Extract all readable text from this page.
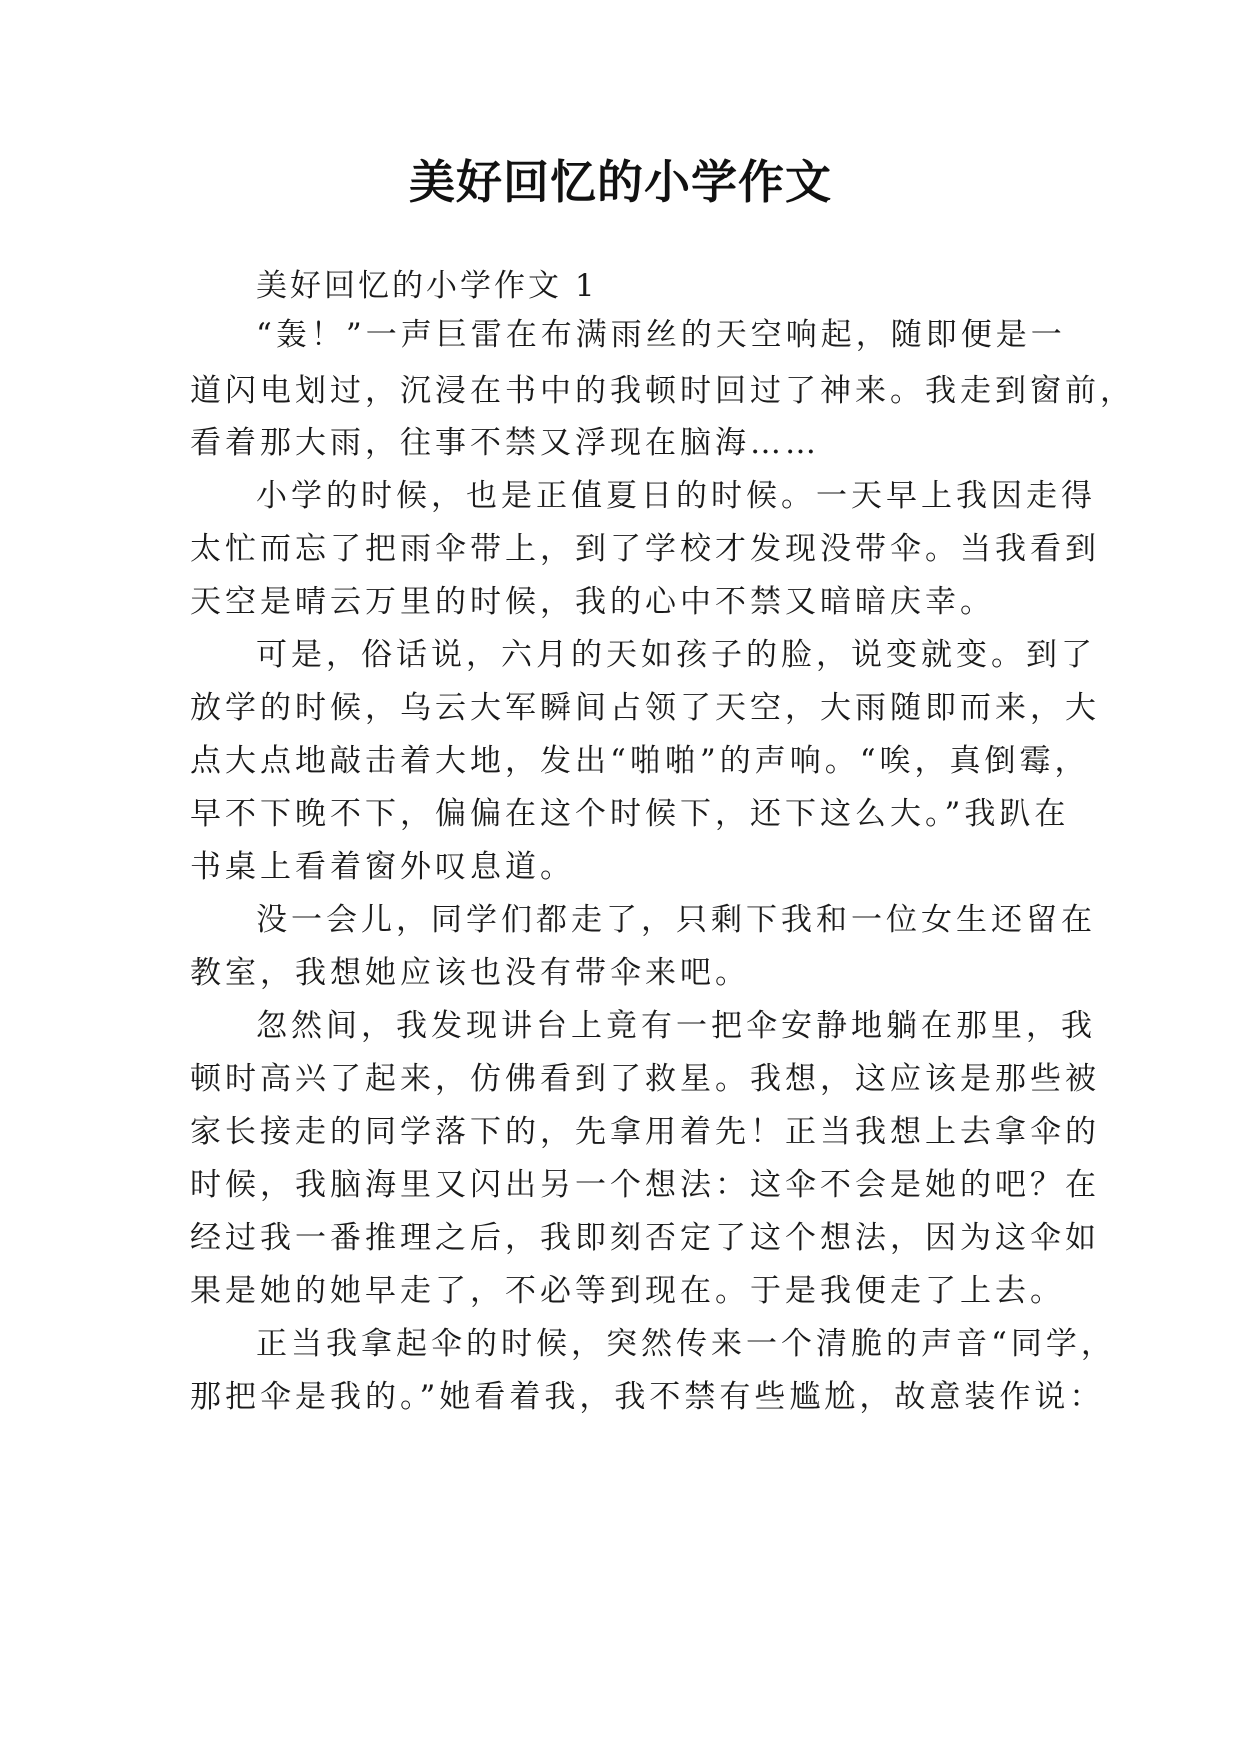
美好回忆的小学作文

美好回忆的小学作文 1

“轰！”一声巨雷在布满雨丝的天空响起，随即便是一

道闪电划过，沉浸在书中的我顿时回过了神来。我走到窗前，

看着那大雨，往事不禁又浮现在脑海……

小学的时候，也是正值夏日的时候。一天早上我因走得

太忙而忘了把雨伞带上，到了学校才发现没带伞。当我看到

天空是晴云万里的时候，我的心中不禁又暗暗庆幸。

可是，俗话说，六月的天如孩子的脸，说变就变。到了

放学的时候，乌云大军瞬间占领了天空，大雨随即而来，大

点大点地敲击着大地，发出“啪啪”的声响。“唉，真倒霉，

早不下晚不下，偏偏在这个时候下，还下这么大。”我趴在

书桌上看着窗外叹息道。

没一会儿，同学们都走了，只剩下我和一位女生还留在

教室，我想她应该也没有带伞来吧。

忽然间，我发现讲台上竟有一把伞安静地躺在那里，我

顿时高兴了起来，仿佛看到了救星。我想，这应该是那些被

家长接走的同学落下的，先拿用着先！正当我想上去拿伞的

时候，我脑海里又闪出另一个想法：这伞不会是她的吧？在

经过我一番推理之后，我即刻否定了这个想法，因为这伞如

果是她的她早走了，不必等到现在。于是我便走了上去。

正当我拿起伞的时候，突然传来一个清脆的声音“同学，

那把伞是我的。”她看着我，我不禁有些尴尬，故意装作说：
